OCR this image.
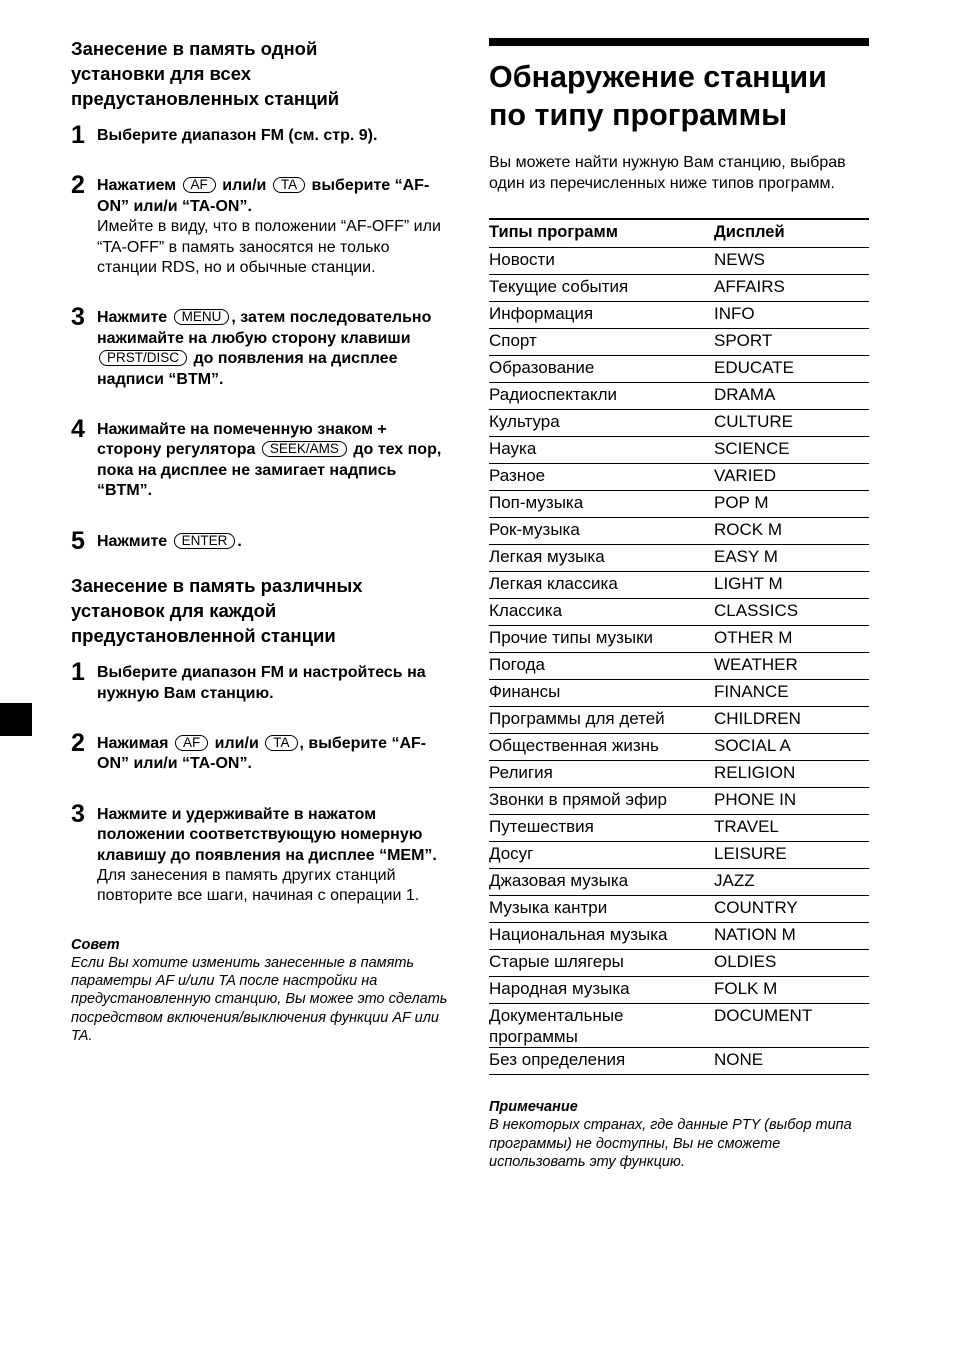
Занесение в память одной установки для всех предустановленных станций
1 Выберите диапазон FM (см. стр. 9).
2 Нажатием AF или/и TA выберите “AF-ON” или/и “TA-ON”.
Имейте в виду, что в положении “AF-OFF” или “TA-OFF” в память заносятся не только станции RDS, но и обычные станции.
3 Нажмите MENU , затем последовательно нажимайте на любую сторону клавиши PRST/DISC до появления на дисплее надписи “BTM”.
4 Нажимайте на помеченную знаком + сторону регулятора SEEK/AMS до тех пор, пока на дисплее не замигает надпись “BTM”.
5 Нажмите ENTER .
Занесение в память различных установок для каждой предустановленной станции
1 Выберите диапазон FM и настройтесь на нужную Вам станцию.
2 Нажимая AF или/и TA , выберите “AF-ON” или/и “TA-ON”.
3 Нажмите и удерживайте в нажатом положении соответствующую номерную клавишу до появления на дисплее “MEM”.
Для занесения в память других станций повторите все шаги, начиная с операции 1.
Совет
Если Вы хотите изменить занесенные в память параметры AF и/или TA после настройки на предустановленную станцию, Вы можее это сделать посредством включения/выключения функции AF или TA.
Обнаружение станции по типу программы
Вы можете найти нужную Вам станцию, выбрав один из перечисленных ниже типов программ.
Типы программ	Дисплей
Новости	NEWS
Текущие события	AFFAIRS
Информация	INFO
Спорт	SPORT
Образование	EDUCATE
Радиоспектакли	DRAMA
Культура	CULTURE
Наука	SCIENCE
Разное	VARIED
Поп-музыка	POP M
Рок-музыка	ROCK M
Легкая музыка	EASY M
Легкая классика	LIGHT M
Классика	CLASSICS
Прочие типы музыки	OTHER M
Погода	WEATHER
Финансы	FINANCE
Программы для детей	CHILDREN
Общественная жизнь	SOCIAL A
Религия	RELIGION
Звонки в прямой эфир	PHONE IN
Путешествия	TRAVEL
Досуг	LEISURE
Джазовая музыка	JAZZ
Музыка кантри	COUNTRY
Национальная музыка	NATION M
Старые шлягеры	OLDIES
Народная музыка	FOLK M
Документальные программы	DOCUMENT
Без определения	NONE
Примечание
В некоторых странах, где данные PTY (выбор типа программы) не доступны, Вы не сможете использовать эту функцию.
